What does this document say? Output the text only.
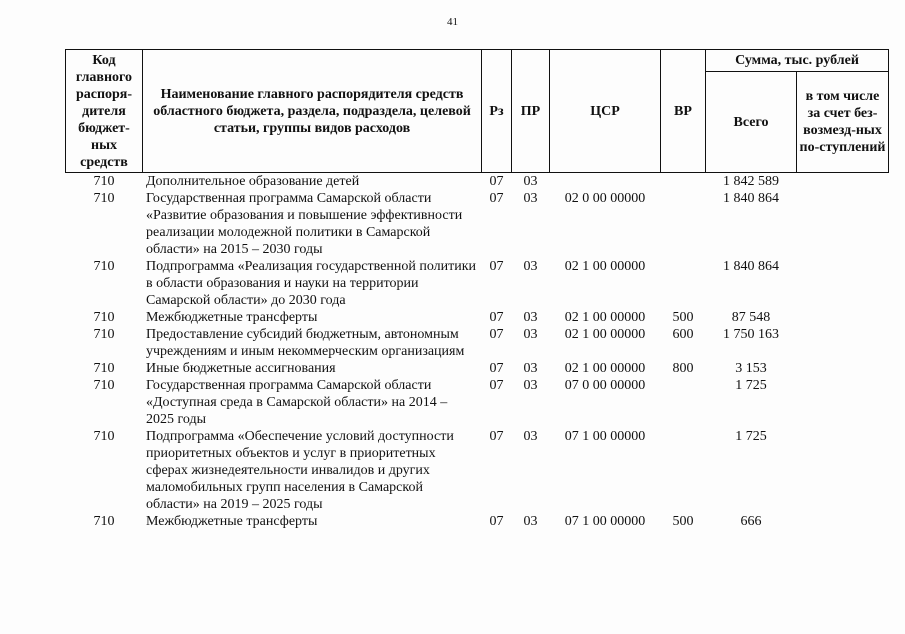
41
Код главного распоря-дителя бюджет-ных средств	Наименование главного распорядителя средств областного бюджета, раздела, подраздела, целевой статьи, группы видов расходов	Рз	ПР	ЦСР	ВР	Сумма, тыс. рублей	
						Всего	в том числе за счет без-возмезд-ных по-ступлений
710	Дополнительное образование детей	07	03			1 842 589	
710	Государственная программа Самарской области «Развитие образования и повышение эффективности реализации молодежной политики в Самарской области» на 2015 – 2030 годы	07	03	02 0 00 00000		1 840 864	
710	Подпрограмма «Реализация государственной политики в области образования и науки на территории Самарской области» до 2030 года	07	03	02 1 00 00000		1 840 864	
710	Межбюджетные трансферты	07	03	02 1 00 00000	500	87 548	
710	Предоставление субсидий бюджетным, автономным учреждениям и иным некоммерческим организациям	07	03	02 1 00 00000	600	1 750 163	
710	Иные бюджетные ассигнования	07	03	02 1 00 00000	800	3 153	
710	Государственная программа Самарской области «Доступная среда в Самарской области» на 2014 – 2025 годы	07	03	07 0 00 00000		1 725	
710	Подпрограмма «Обеспечение условий доступности приоритетных объектов и услуг в приоритетных сферах жизнедеятельности инвалидов и других маломобильных групп населения в Самарской области» на 2019 – 2025 годы	07	03	07 1 00 00000		1 725	
710	Межбюджетные трансферты	07	03	07 1 00 00000	500	666	
